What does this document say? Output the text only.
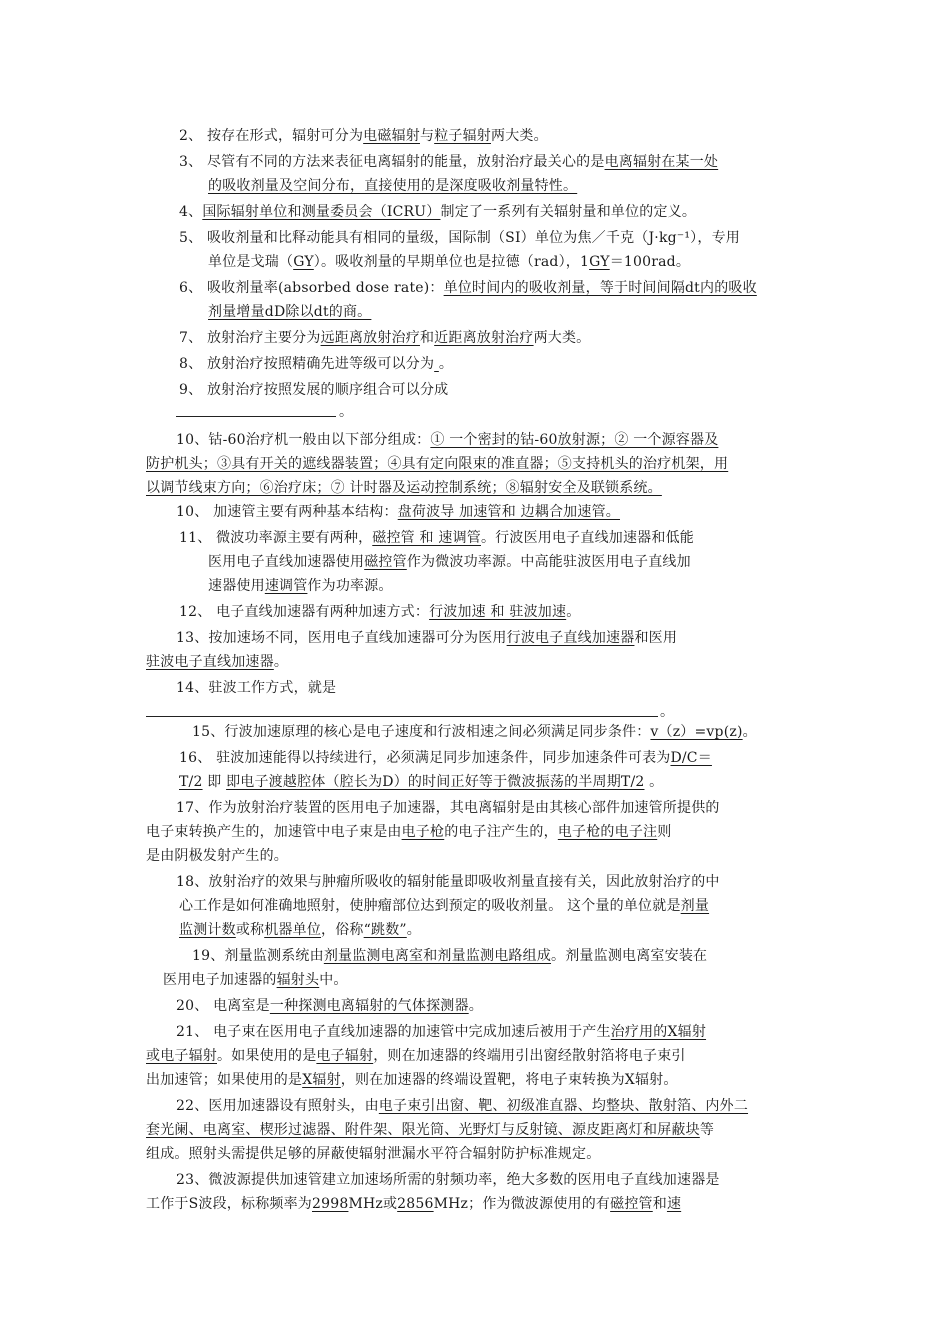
2、 按存在形式，辐射可分为电磁辐射与粒子辐射两大类。
3、 尽管有不同的方法来表征电离辐射的能量，放射治疗最关心的是电离辐射在某一处
的吸收剂量及空间分布，直接使用的是深度吸收剂量特性。
4、国际辐射单位和测量委员会（ICRU）制定了一系列有关辐射量和单位的定义。
5、 吸收剂量和比释动能具有相同的量级，国际制（SI）单位为焦／千克（J·kg⁻¹），专用
单位是戈瑞（GY）。吸收剂量的早期单位也是拉德（rad），1GY＝100rad。
6、 吸收剂量率(absorbed dose rate)：单位时间内的吸收剂量，等于时间间隔dt内的吸收
剂量增量dD除以dt的商。
7、 放射治疗主要分为远距离放射治疗和近距离放射治疗两大类。
8、 放射治疗按照精确先进等级可以分为 。
9、 放射治疗按照发展的顺序组合可以分成
。
10、钴-60治疗机一般由以下部分组成：① 一个密封的钴-60放射源；② 一个源容器及
防护机头；③具有开关的遮线器装置；④具有定向限束的准直器；⑤支持机头的治疗机架，用
以调节线束方向；⑥治疗床；⑦ 计时器及运动控制系统；⑧辐射安全及联锁系统。
10、 加速管主要有两种基本结构：盘荷波导 加速管和 边耦合加速管。
11、 微波功率源主要有两种，磁控管 和 速调管。行波医用电子直线加速器和低能
医用电子直线加速器使用磁控管作为微波功率源。中高能驻波医用电子直线加
速器使用速调管作为功率源。
12、 电子直线加速器有两种加速方式：行波加速 和 驻波加速。
13、按加速场不同，医用电子直线加速器可分为医用行波电子直线加速器和医用
驻波电子直线加速器。
14、驻波工作方式，就是
。
15、行波加速原理的核心是电子速度和行波相速之间必须满足同步条件：v（z）=vp(z)。
16、 驻波加速能得以持续进行，必须满足同步加速条件，同步加速条件可表为D/C＝
T/2 即 即电子渡越腔体（腔长为D）的时间正好等于微波振荡的半周期T/2 。
17、作为放射治疗装置的医用电子加速器，其电离辐射是由其核心部件加速管所提供的
电子束转换产生的，加速管中电子束是由电子枪的电子注产生的，电子枪的电子注则
是由阴极发射产生的。
18、放射治疗的效果与肿瘤所吸收的辐射能量即吸收剂量直接有关，因此放射治疗的中
心工作是如何准确地照射，使肿瘤部位达到预定的吸收剂量。 这个量的单位就是剂量
监测计数或称机器单位，俗称“跳数”。
19、剂量监测系统由剂量监测电离室和剂量监测电路组成。剂量监测电离室安装在
医用电子加速器的辐射头中。
20、 电离室是一种探测电离辐射的气体探测器。
21、 电子束在医用电子直线加速器的加速管中完成加速后被用于产生治疗用的X辐射
或电子辐射。如果使用的是电子辐射，则在加速器的终端用引出窗经散射箔将电子束引
出加速管；如果使用的是X辐射，则在加速器的终端设置靶，将电子束转换为X辐射。
22、医用加速器设有照射头，由电子束引出窗、靶、初级准直器、均整块、散射箔、内外二
套光阑、电离室、楔形过滤器、附件架、限光筒、光野灯与反射镜、源皮距离灯和屏蔽块等
组成。照射头需提供足够的屏蔽使辐射泄漏水平符合辐射防护标准规定。
23、微波源提供加速管建立加速场所需的射频功率，绝大多数的医用电子直线加速器是
工作于S波段，标称频率为2998MHz或2856MHz；作为微波源使用的有磁控管和速
